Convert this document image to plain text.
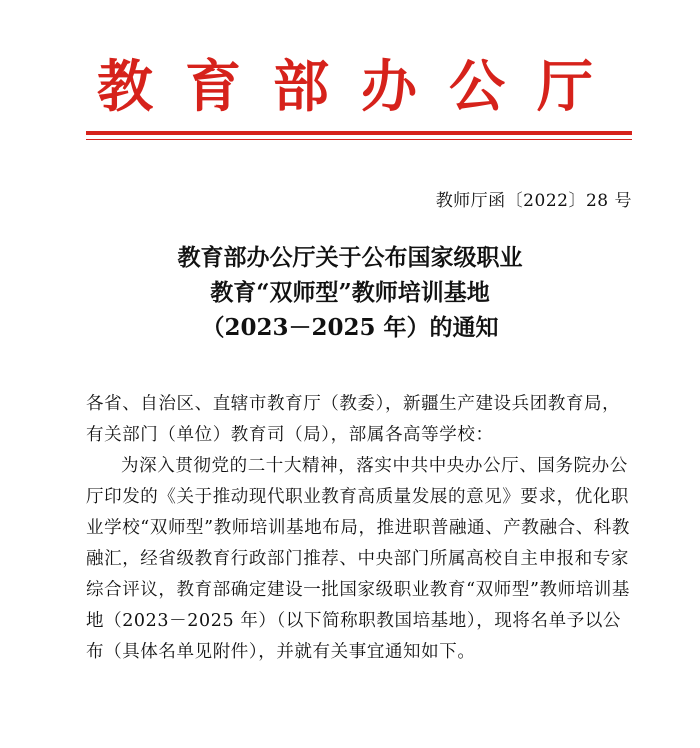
教育部办公厅
教师厅函〔2022〕28 号
教育部办公厅关于公布国家级职业
教育“双师型”教师培训基地
（2023－2025 年）的通知

各省、自治区、直辖市教育厅（教委），新疆生产建设兵团教育局，有关部门（单位）教育司（局），部属各高等学校：

为深入贯彻党的二十大精神，落实中共中央办公厅、国务院办公厅印发的《关于推动现代职业教育高质量发展的意见》要求，优化职业学校“双师型”教师培训基地布局，推进职普融通、产教融合、科教融汇，经省级教育行政部门推荐、中央部门所属高校自主申报和专家综合评议，教育部确定建设一批国家级职业教育“双师型”教师培训基地（2023－2025 年）（以下简称职教国培基地），现将名单予以公布（具体名单见附件），并就有关事宜通知如下。
